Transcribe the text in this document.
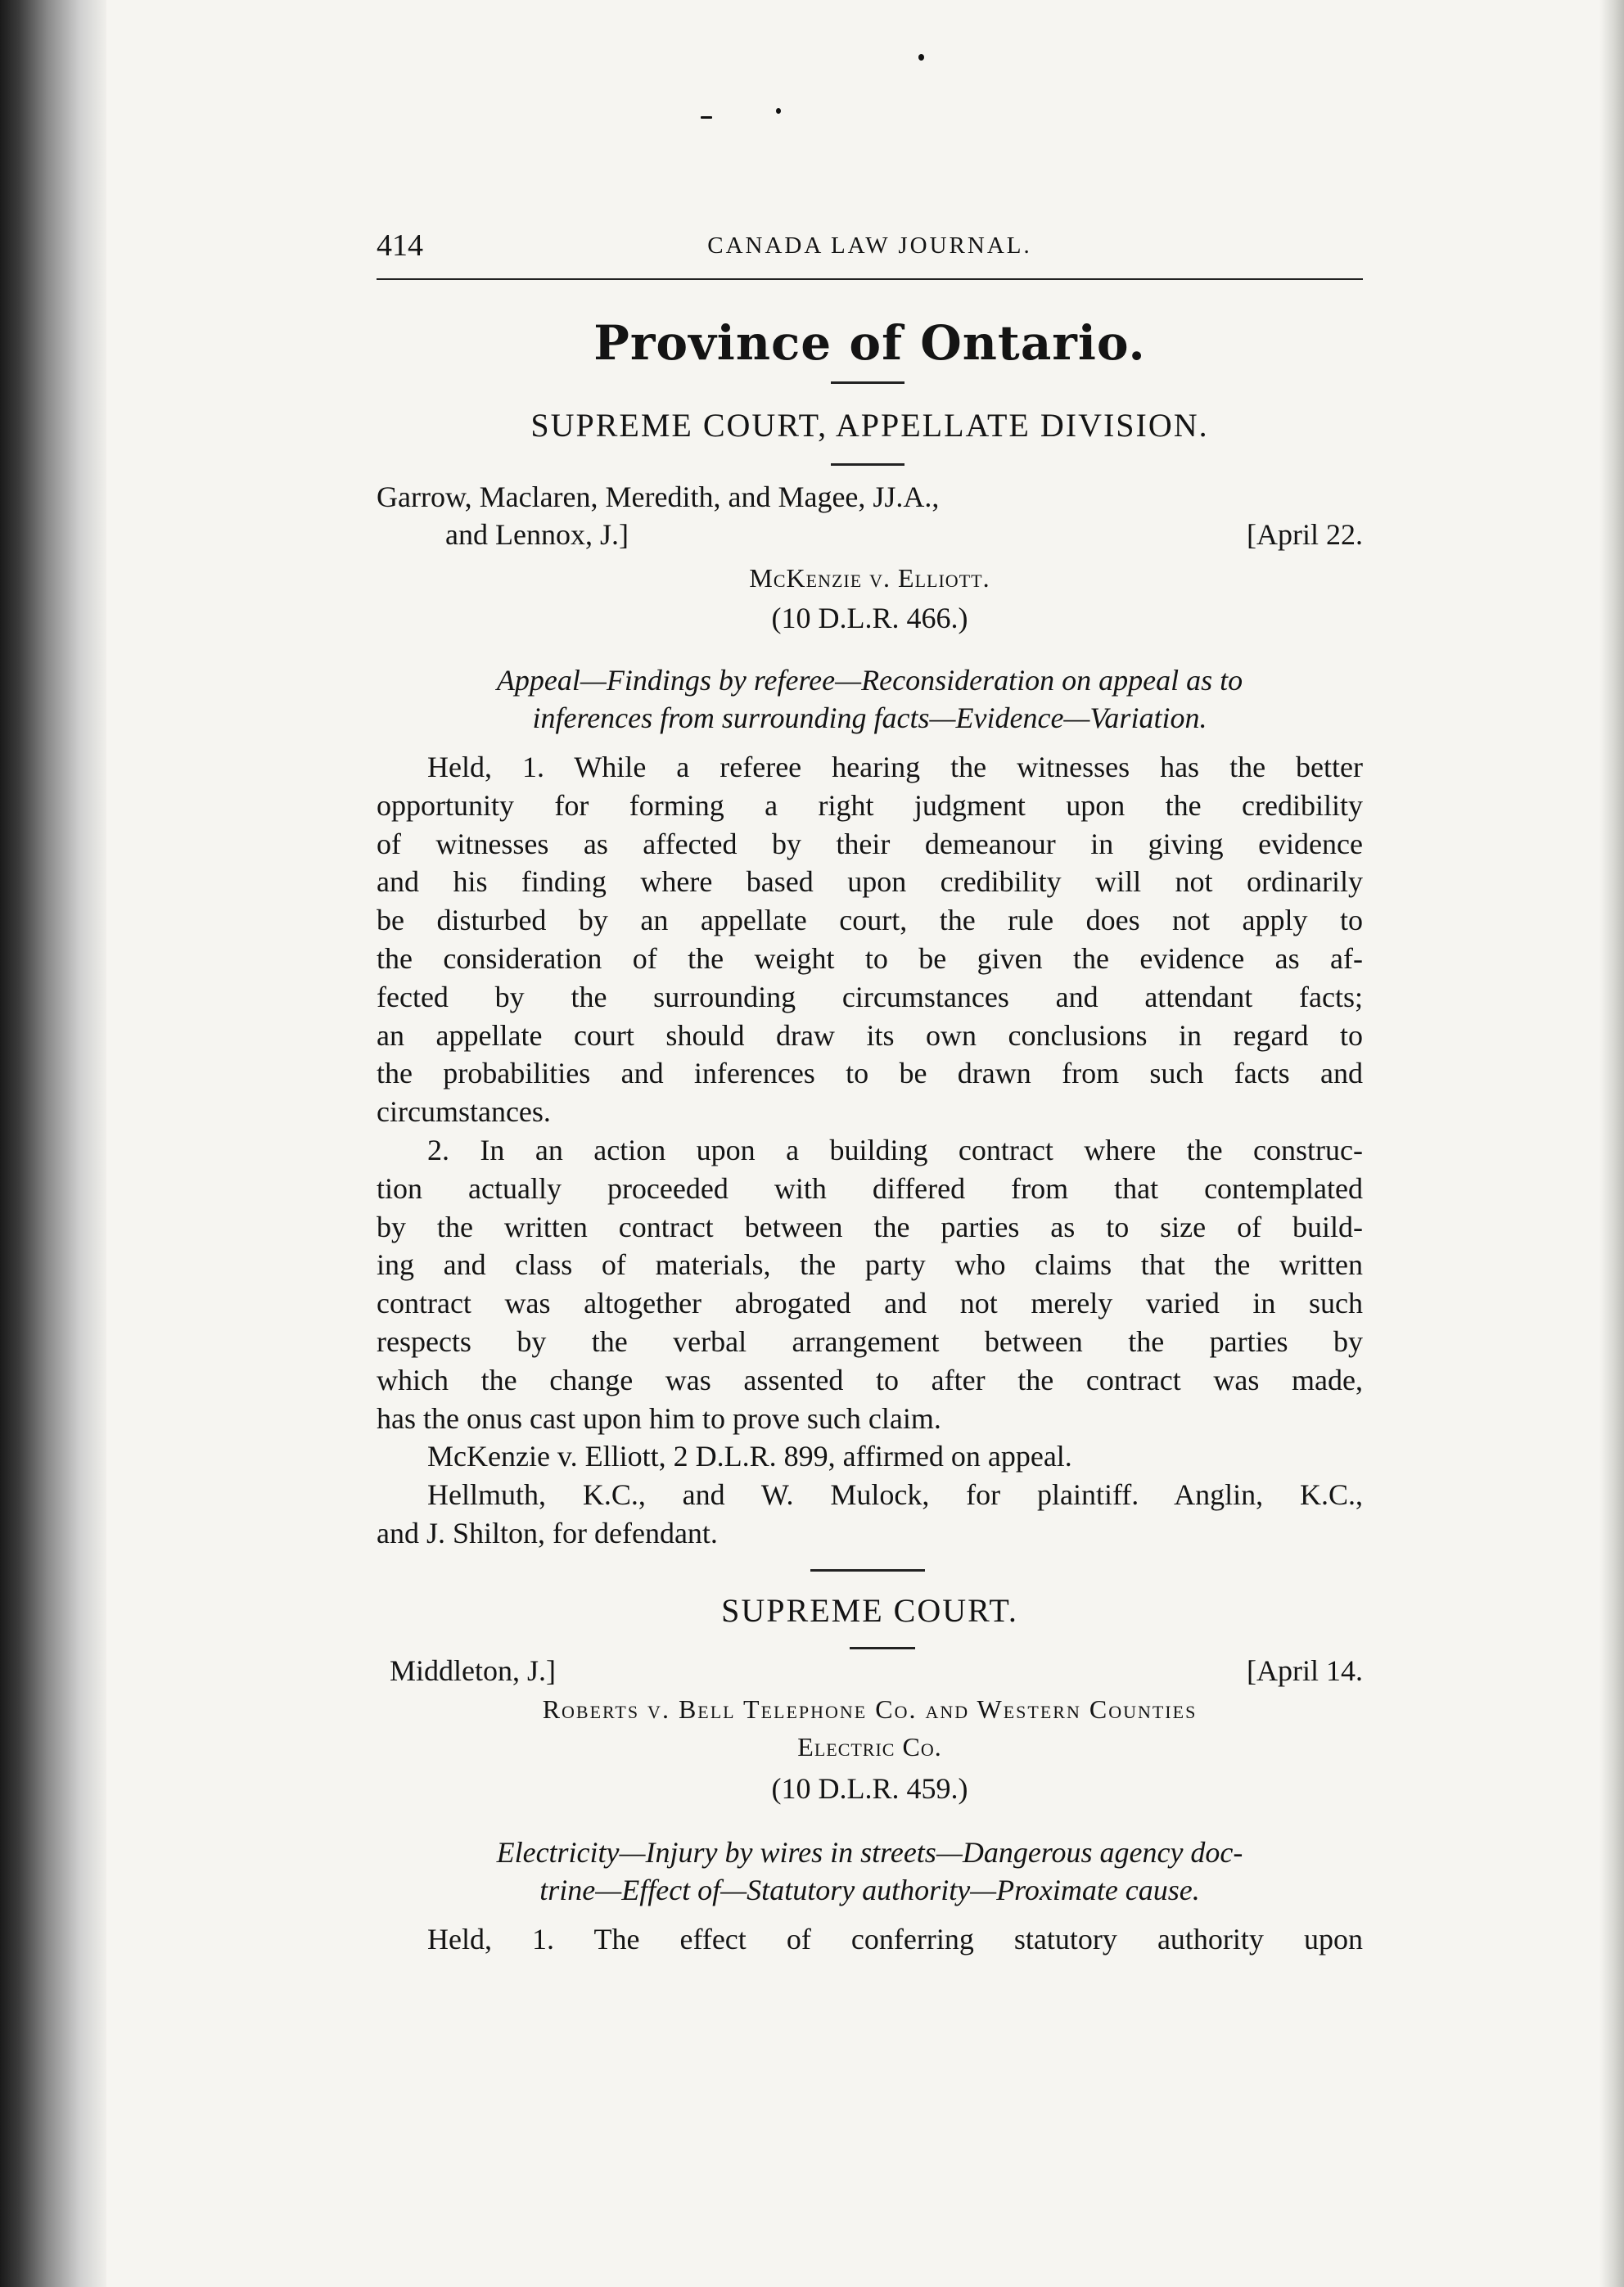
414	CANADA LAW JOURNAL.
Province of Ontario.
SUPREME COURT, APPELLATE DIVISION.
Garrow, Maclaren, Meredith, and Magee, JJ.A.,
and Lennox, J.]	[April 22.
McKenzie v. Elliott.
(10 D.L.R. 466.)
Appeal—Findings by referee—Reconsideration on appeal as to
inferences from surrounding facts—Evidence—Variation.
Held, 1. While a referee hearing the witnesses has the better
opportunity for forming a right judgment upon the credibility
of witnesses as affected by their demeanour in giving evidence
and his finding where based upon credibility will not ordinarily
be disturbed by an appellate court, the rule does not apply to
the consideration of the weight to be given the evidence as af-
fected by the surrounding circumstances and attendant facts;
an appellate court should draw its own conclusions in regard to
the probabilities and inferences to be drawn from such facts and
circumstances.
2. In an action upon a building contract where the construc-
tion actually proceeded with differed from that contemplated
by the written contract between the parties as to size of build-
ing and class of materials, the party who claims that the written
contract was altogether abrogated and not merely varied in such
respects by the verbal arrangement between the parties by
which the change was assented to after the contract was made,
has the onus cast upon him to prove such claim.
McKenzie v. Elliott, 2 D.L.R. 899, affirmed on appeal.
Hellmuth, K.C., and W. Mulock, for plaintiff. Anglin, K.C.,
and J. Shilton, for defendant.
SUPREME COURT.
Middleton, J.]	[April 14.
Roberts v. Bell Telephone Co. and Western Counties
Electric Co.
(10 D.L.R. 459.)
Electricity—Injury by wires in streets—Dangerous agency doc-
trine—Effect of—Statutory authority—Proximate cause.
Held, 1. The effect of conferring statutory authority upon
